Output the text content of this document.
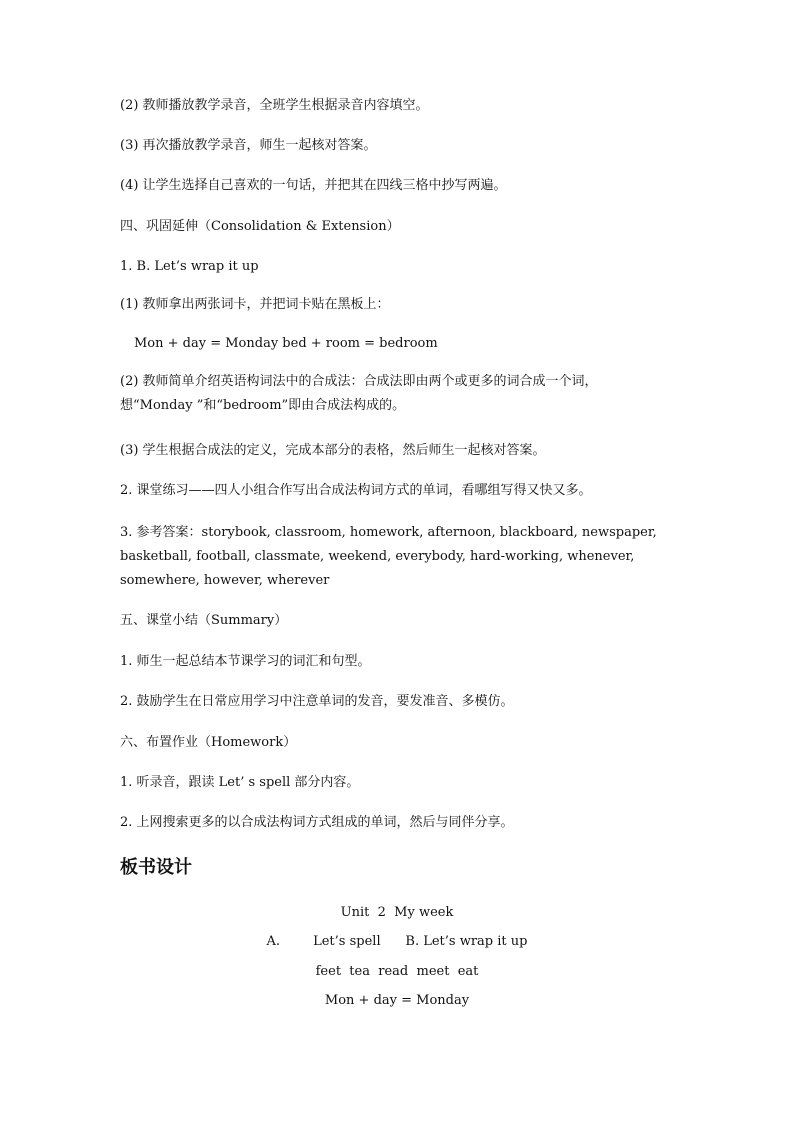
(2) 教师播放教学录音，全班学生根据录音内容填空。
(3) 再次播放教学录音，师生一起核对答案。
(4) 让学生选择自己喜欢的一句话，并把其在四线三格中抄写两遍。
四、巩固延伸（Consolidation & Extension）
1. B. Let’s wrap it up
(1) 教师拿出两张词卡，并把词卡贴在黑板上：
Mon + day = Monday bed + room = bedroom
(2) 教师简单介绍英语构词法中的合成法：合成法即由两个或更多的词合成一个词，想“Monday ”和“bedroom”即由合成法构成的。
(3) 学生根据合成法的定义，完成本部分的表格，然后师生一起核对答案。
2. 课堂练习——四人小组合作写出合成法构词方式的单词，看哪组写得又快又多。
3. 参考答案：storybook, classroom, homework, afternoon, blackboard, newspaper, basketball, football, classmate, weekend, everybody, hard-working, whenever, somewhere, however, wherever
五、课堂小结（Summary）
1. 师生一起总结本节课学习的词汇和句型。
2. 鼓励学生在日常应用学习中注意单词的发音，要发准音、多模仿。
六、布置作业（Homework）
1. 听录音，跟读 Let’ s spell 部分内容。
2. 上网搜索更多的以合成法构词方式组成的单词，然后与同伴分享。
板书设计
Unit  2  My week
A.        Let’s spell      B. Let’s wrap it up
feet  tea  read  meet  eat
Mon + day = Monday
